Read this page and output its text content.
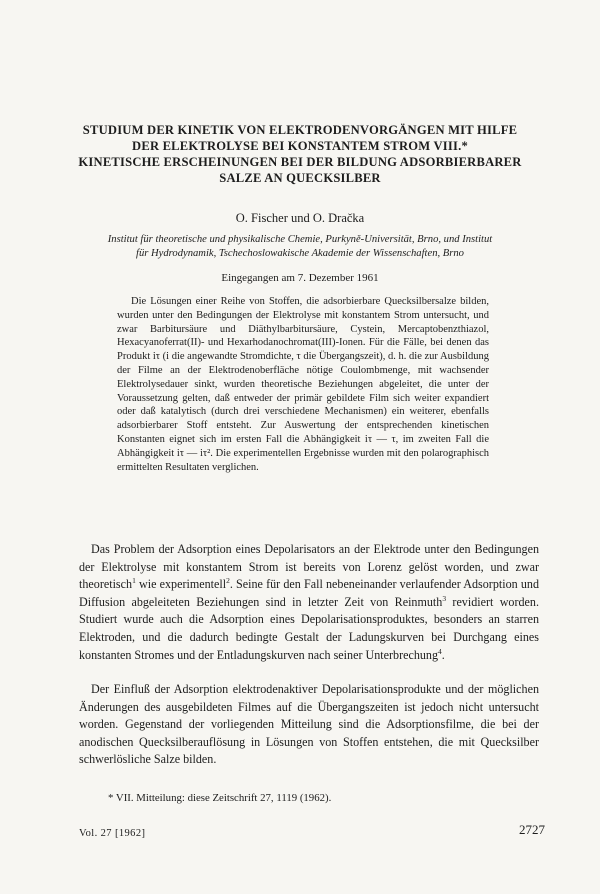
STUDIUM DER KINETIK VON ELEKTRODENVORGÄNGEN MIT HILFE
DER ELEKTROLYSE BEI KONSTANTEM STROM VIII.*
KINETISCHE ERSCHEINUNGEN BEI DER BILDUNG ADSORBIERBARER
SALZE AN QUECKSILBER
O. Fischer und O. Dračka
Institut für theoretische und physikalische Chemie, Purkyně-Universität, Brno, und Institut
für Hydrodynamik, Tschechoslowakische Akademie der Wissenschaften, Brno
Eingegangen am 7. Dezember 1961

Die Lösungen einer Reihe von Stoffen, die adsorbierbare Quecksilbersalze bilden, wurden unter den Bedingungen der Elektrolyse mit konstantem Strom untersucht, und zwar Barbitursäure und Diäthylbarbitursäure, Cystein, Mercaptobenzthiazol, Hexacyanoferrat(II)- und Hexarhodanochromat(III)-Ionen. Für die Fälle, bei denen das Produkt iτ (i die angewandte Stromdichte, τ die Übergangszeit), d. h. die zur Ausbildung der Filme an der Elektrodenoberfläche nötige Coulombmenge, mit wachsender Elektrolysedauer sinkt, wurden theoretische Beziehungen abgeleitet, die unter der Voraussetzung gelten, daß entweder der primär gebildete Film sich weiter expandiert oder daß katalytisch (durch drei verschiedene Mechanismen) ein weiterer, ebenfalls adsorbierbarer Stoff entsteht. Zur Auswertung der entsprechenden kinetischen Konstanten eignet sich im ersten Fall die Abhängigkeit iτ — τ, im zweiten Fall die Abhängigkeit iτ — iτ². Die experimentellen Ergebnisse wurden mit den polarographisch ermittelten Resultaten verglichen.

Das Problem der Adsorption eines Depolarisators an der Elektrode unter den Bedingungen der Elektrolyse mit konstantem Strom ist bereits von Lorenz gelöst worden, und zwar theoretisch$^1$ wie experimentell$^2$. Seine für den Fall nebeneinander verlaufender Adsorption und Diffusion abgeleiteten Beziehungen sind in letzter Zeit von Reinmuth$^3$ revidiert worden. Studiert wurde auch die Adsorption eines Depolarisationsproduktes, besonders an starren Elektroden, und die dadurch bedingte Gestalt der Ladungskurven bei Durchgang eines konstanten Stromes und der Entladungskurven nach seiner Unterbrechung$^4$.

Der Einfluß der Adsorption elektrodenaktiver Depolarisationsprodukte und der möglichen Änderungen des ausgebildeten Filmes auf die Übergangszeiten ist jedoch nicht untersucht worden. Gegenstand der vorliegenden Mitteilung sind die Adsorptionsfilme, die bei der anodischen Quecksilberauflösung in Lösungen von Stoffen entstehen, die mit Quecksilber schwerlösliche Salze bilden.

* VII. Mitteilung: diese Zeitschrift 27, 1119 (1962).
Vol. 27 [1962]	2727
